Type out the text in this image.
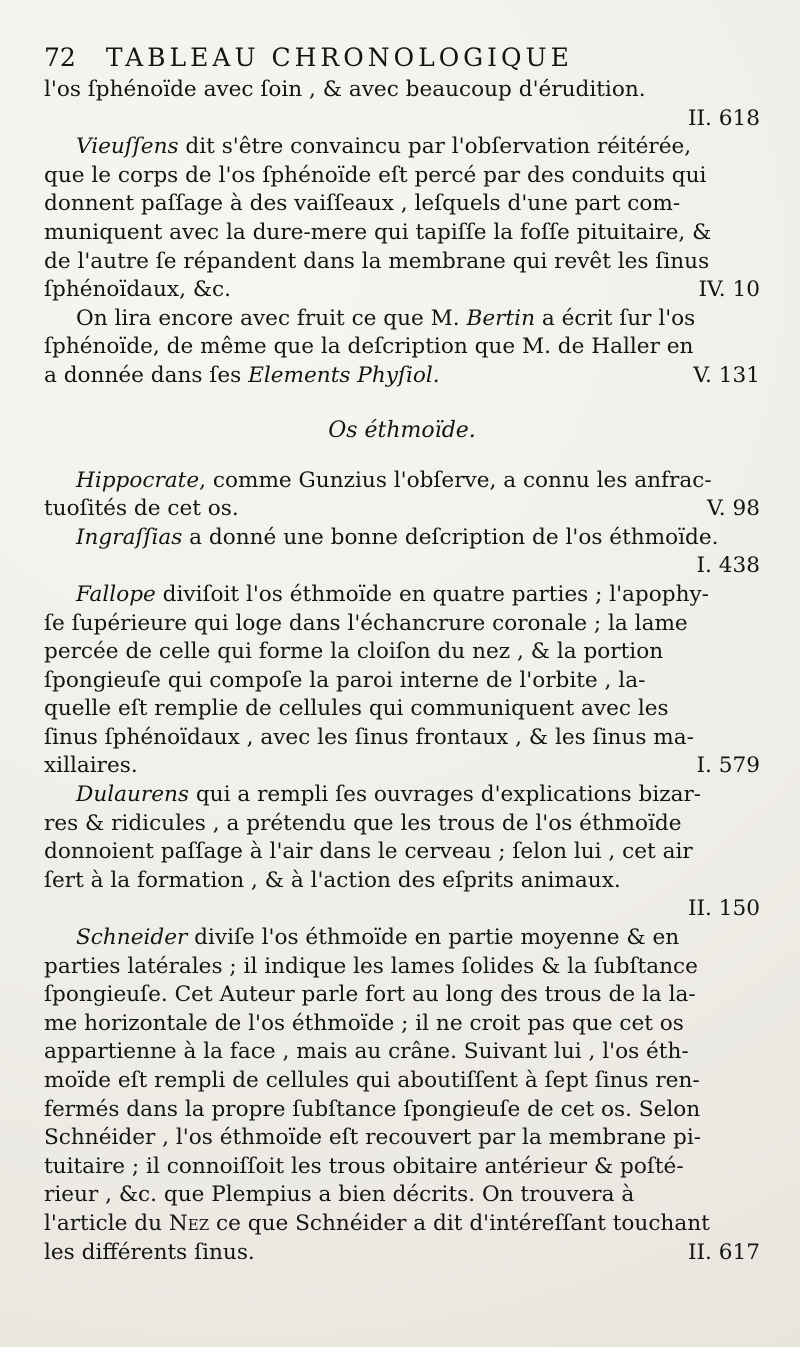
72 TABLEAU CHRONOLOGIQUE
l'os ſphénoïde avec ſoin , & avec beaucoup d'érudition.
II. 618
Vieuſſens dit s'être convaincu par l'obſervation réitérée,
que le corps de l'os ſphénoïde eſt percé par des conduits qui
donnent paſſage à des vaiſſeaux , leſquels d'une part com-
muniquent avec la dure-mere qui tapiſſe la foſſe pituitaire, &
de l'autre ſe répandent dans la membrane qui revêt les ſinus
ſphénoïdaux, &c.	IV. 10
On lira encore avec fruit ce que M. Bertin a écrit ſur l'os
ſphénoïde, de même que la deſcription que M. de Haller en
a donnée dans ſes Elements Phyſiol.	V. 131
Os éthmoïde.
Hippocrate, comme Gunzius l'obſerve, a connu les anfrac-
tuoſités de cet os.	V. 98
Ingraſſias a donné une bonne deſcription de l'os éthmoïde.
I. 438
Fallope diviſoit l'os éthmoïde en quatre parties ; l'apophy-
ſe ſupérieure qui loge dans l'échancrure coronale ; la lame
percée de celle qui forme la cloiſon du nez , & la portion
ſpongieuſe qui compoſe la paroi interne de l'orbite , la-
quelle eſt remplie de cellules qui communiquent avec les
ſinus ſphénoïdaux , avec les ſinus frontaux , & les ſinus ma-
xillaires.	I. 579
Dulaurens qui a rempli ſes ouvrages d'explications bizar-
res & ridicules , a prétendu que les trous de l'os éthmoïde
donnoient paſſage à l'air dans le cerveau ; ſelon lui , cet air
ſert à la formation , & à l'action des eſprits animaux.
II. 150
Schneider diviſe l'os éthmoïde en partie moyenne & en
parties latérales ; il indique les lames ſolides & la ſubſtance
ſpongieuſe. Cet Auteur parle fort au long des trous de la la-
me horizontale de l'os éthmoïde ; il ne croit pas que cet os
appartienne à la face , mais au crâne. Suivant lui , l'os éth-
moïde eſt rempli de cellules qui aboutiſſent à ſept ſinus ren-
fermés dans la propre ſubſtance ſpongieuſe de cet os. Selon
Schnéider , l'os éthmoïde eſt recouvert par la membrane pi-
tuitaire ; il connoiſſoit les trous obitaire antérieur & poſté-
rieur , &c. que Plempius a bien décrits. On trouvera à
l'article du Nez ce que Schnéider a dit d'intéreſſant touchant
les différents ſinus.	II. 617
